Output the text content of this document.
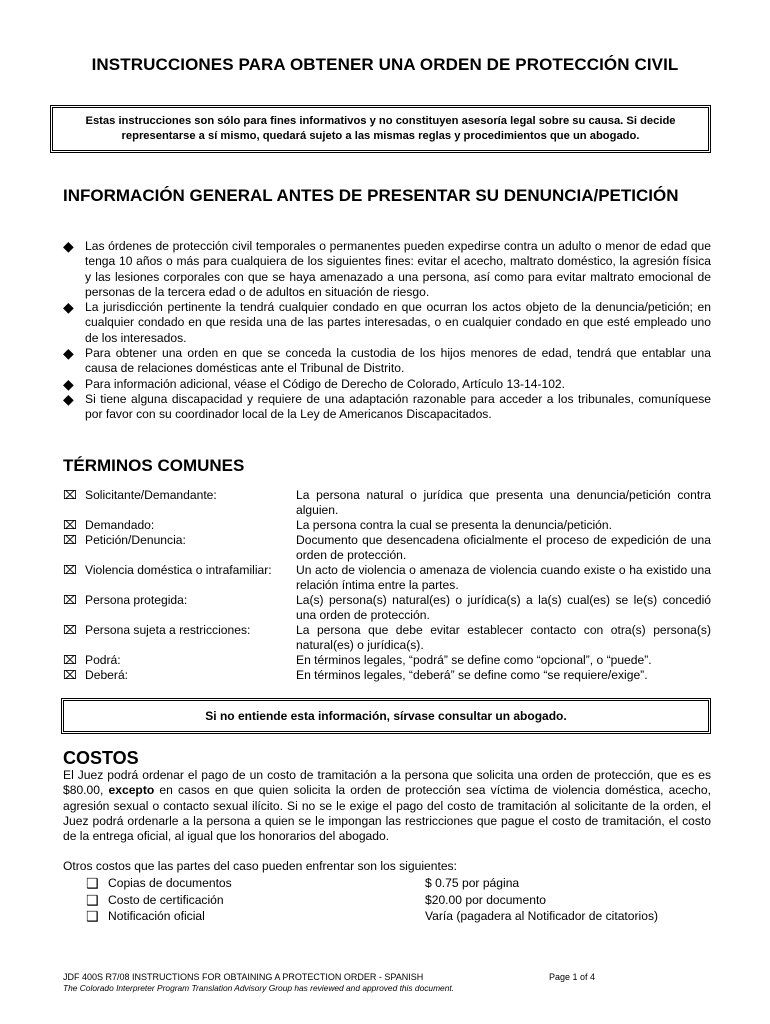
INSTRUCCIONES PARA OBTENER UNA ORDEN DE PROTECCIÓN CIVIL
Estas instrucciones son sólo para fines informativos y no constituyen asesoría legal sobre su causa. Si decide representarse a sí mismo, quedará sujeto a las mismas reglas y procedimientos que un abogado.
INFORMACIÓN GENERAL ANTES DE PRESENTAR SU DENUNCIA/PETICIÓN
◆ Las órdenes de protección civil temporales o permanentes pueden expedirse contra un adulto o menor de edad que tenga 10 años o más para cualquiera de los siguientes fines: evitar el acecho, maltrato doméstico, la agresión física y las lesiones corporales con que se haya amenazado a una persona, así como para evitar maltrato emocional de personas de la tercera edad o de adultos en situación de riesgo.
◆ La jurisdicción pertinente la tendrá cualquier condado en que ocurran los actos objeto de la denuncia/petición; en cualquier condado en que resida una de las partes interesadas, o en cualquier condado en que esté empleado uno de los interesados.
◆ Para obtener una orden en que se conceda la custodia de los hijos menores de edad, tendrá que entablar una causa de relaciones domésticas ante el Tribunal de Distrito.
◆ Para información adicional, véase el Código de Derecho de Colorado, Artículo 13-14-102.
◆ Si tiene alguna discapacidad y requiere de una adaptación razonable para acceder a los tribunales, comuníquese por favor con su coordinador local de la Ley de Americanos Discapacitados.
TÉRMINOS COMUNES
⌧ Solicitante/Demandante:	La persona natural o jurídica que presenta una denuncia/petición contra alguien.
⌧ Demandado:	La persona contra la cual se presenta la denuncia/petición.
⌧ Petición/Denuncia:	Documento que desencadena oficialmente el proceso de expedición de una orden de protección.
⌧ Violencia doméstica o intrafamiliar:	Un acto de violencia o amenaza de violencia cuando existe o ha existido una relación íntima entre la partes.
⌧ Persona protegida:	La(s) persona(s) natural(es) o jurídica(s) a la(s) cual(es) se le(s) concedió una orden de protección.
⌧ Persona sujeta a restricciones:	La persona que debe evitar establecer contacto con otra(s) persona(s) natural(es) o jurídica(s).
⌧ Podrá:	En términos legales, “podrá” se define como “opcional”, o “puede”.
⌧ Deberá:	En términos legales, “deberá” se define como “se requiere/exige”.
Si no entiende esta información, sírvase consultar un abogado.
COSTOS
El Juez podrá ordenar el pago de un costo de tramitación a la persona que solicita una orden de protección, que es es $80.00, excepto en casos en que quien solicita la orden de protección sea víctima de violencia doméstica, acecho, agresión sexual o contacto sexual ilícito. Si no se le exige el pago del costo de tramitación al solicitante de la orden, el Juez podrá ordenarle a la persona a quien se le impongan las restricciones que pague el costo de tramitación, el costo de la entrega oficial, al igual que los honorarios del abogado.
Otros costos que las partes del caso pueden enfrentar son los siguientes:
❑ Copias de documentos	$ 0.75 por página
❑ Costo de certificación	$20.00 por documento
❑ Notificación oficial	Varía (pagadera al Notificador de citatorios)
JDF 400S R7/08 INSTRUCTIONS FOR OBTAINING A PROTECTION ORDER - SPANISH	Page 1 of 4
The Colorado Interpreter Program Translation Advisory Group has reviewed and approved this document.
